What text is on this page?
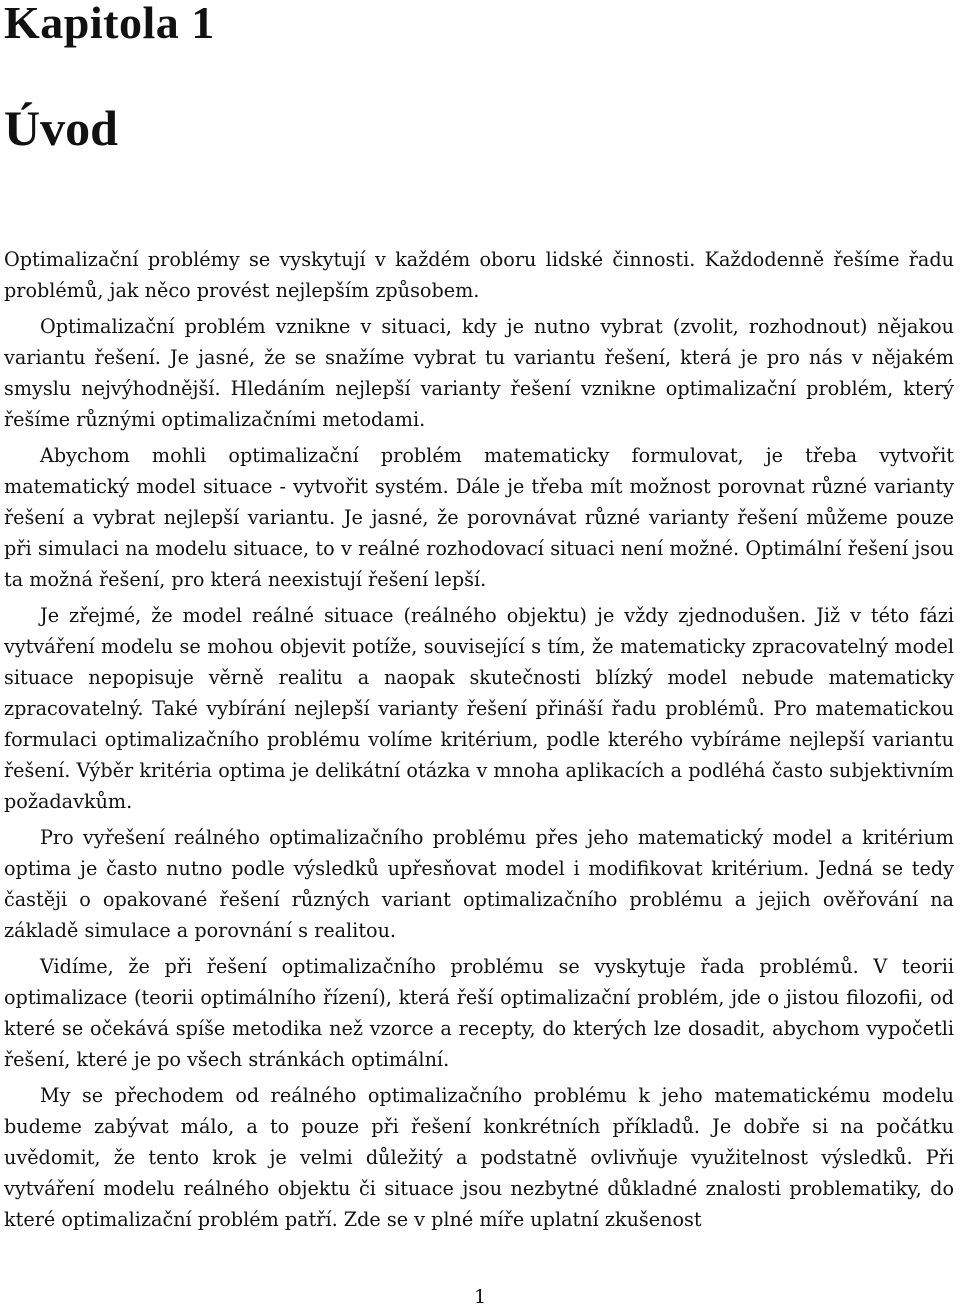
Kapitola 1
Úvod

Optimalizační problémy se vyskytují v každém oboru lidské činnosti. Každodenně řešíme řadu problémů, jak něco provést nejlepším způsobem.

Optimalizační problém vznikne v situaci, kdy je nutno vybrat (zvolit, rozhodnout) nějakou variantu řešení. Je jasné, že se snažíme vybrat tu variantu řešení, která je pro nás v nějakém smyslu nejvýhodnější. Hledáním nejlepší varianty řešení vznikne optimalizační problém, který řešíme různými optimalizačními metodami.

Abychom mohli optimalizační problém matematicky formulovat, je třeba vytvořit matematický model situace - vytvořit systém. Dále je třeba mít možnost porovnat různé varianty řešení a vybrat nejlepší variantu. Je jasné, že porovnávat různé varianty řešení můžeme pouze při simulaci na modelu situace, to v reálné rozhodovací situaci není možné. Optimální řešení jsou ta možná řešení, pro která neexistují řešení lepší.

Je zřejmé, že model reálné situace (reálného objektu) je vždy zjednodušen. Již v této fázi vytváření modelu se mohou objevit potíže, související s tím, že matematicky zpracovatelný model situace nepopisuje věrně realitu a naopak skutečnosti blízký model nebude matematicky zpracovatelný. Také vybírání nejlepší varianty řešení přináší řadu problémů. Pro matematickou formulaci optimalizačního problému volíme kritérium, podle kterého vybíráme nejlepší variantu řešení. Výběr kritéria optima je delikátní otázka v mnoha aplikacích a podléhá často subjektivním požadavkům.

Pro vyřešení reálného optimalizačního problému přes jeho matematický model a kritérium optima je často nutno podle výsledků upřesňovat model i modifikovat kritérium. Jedná se tedy častěji o opakované řešení různých variant optimalizačního problému a jejich ověřování na základě simulace a porovnání s realitou.

Vidíme, že při řešení optimalizačního problému se vyskytuje řada problémů. V teorii optimalizace (teorii optimálního řízení), která řeší optimalizační problém, jde o jistou filozofii, od které se očekává spíše metodika než vzorce a recepty, do kterých lze dosadit, abychom vypočetli řešení, které je po všech stránkách optimální.

My se přechodem od reálného optimalizačního problému k jeho matematickému modelu budeme zabývat málo, a to pouze při řešení konkrétních příkladů. Je dobře si na počátku uvědomit, že tento krok je velmi důležitý a podstatně ovlivňuje využitelnost výsledků. Při vytváření modelu reálného objektu či situace jsou nezbytné důkladné znalosti problematiky, do které optimalizační problém patří. Zde se v plné míře uplatní zkušenost

1
